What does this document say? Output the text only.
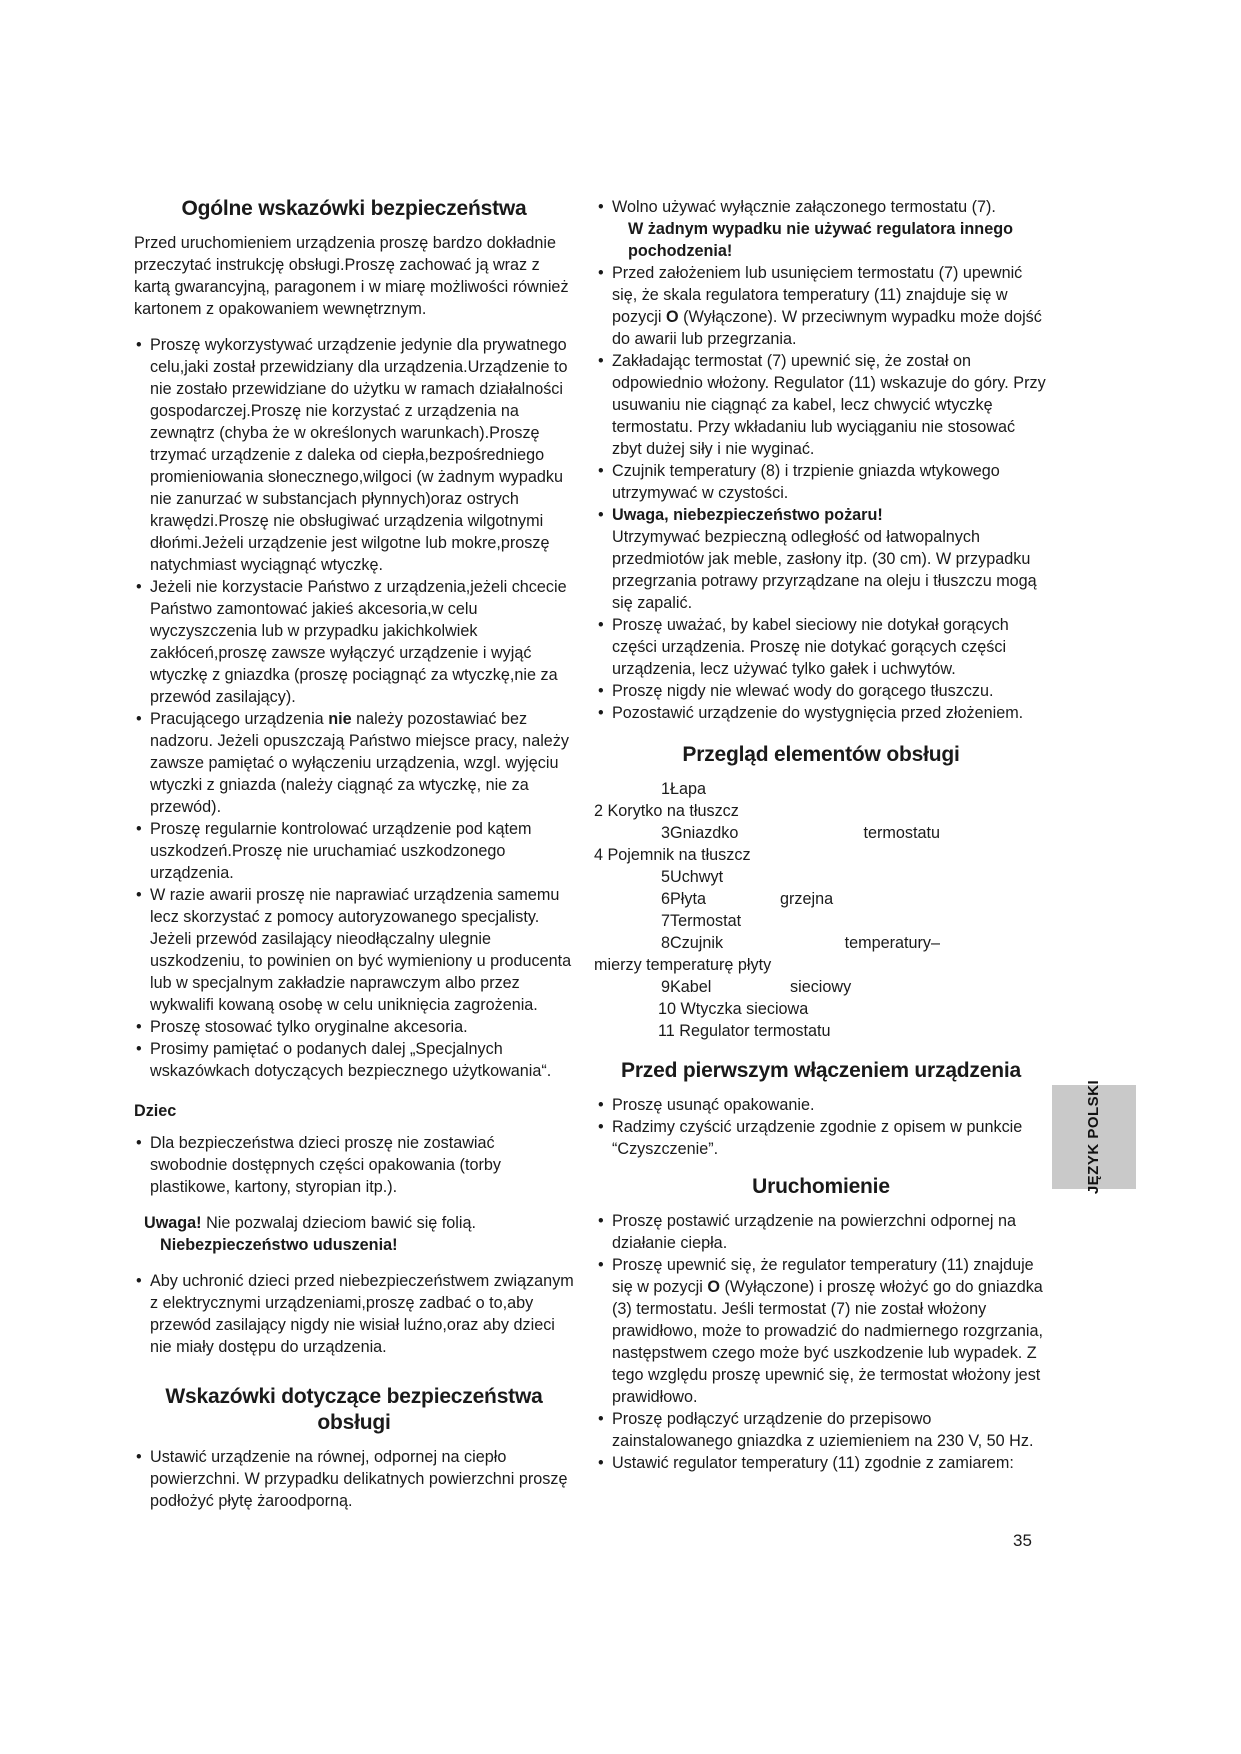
Ogólne wskazówki bezpieczeństwa

Przed uruchomieniem urządzenia proszę bardzo dokładnie przeczytać instrukcję obsługi.Proszę zachować ją wraz z kartą gwarancyjną, paragonem i w miarę możliwości również kartonem z opakowaniem wewnętrznym.

• Proszę wykorzystywać urządzenie jedynie dla prywatnego celu,jaki został przewidziany dla urządzenia.Urządzenie to nie zostało przewidziane do użytku w ramach działalności gospodarczej.Proszę nie korzystać z urządzenia na zewnątrz (chyba że w określonych warunkach).Proszę trzymać urządzenie z daleka od ciepła,bezpośredniego promieniowania słonecznego,wilgoci (w żadnym wypadku nie zanurzać w substancjach płynnych)oraz ostrych krawędzi.Proszę nie obsługiwać urządzenia wilgotnymi dłońmi.Jeżeli urządzenie jest wilgotne lub mokre,proszę natychmiast wyciągnąć wtyczkę.
• Jeżeli nie korzystacie Państwo z urządzenia,jeżeli chcecie Państwo zamontować jakieś akcesoria,w celu wyczyszczenia lub w przypadku jakichkolwiek zakłóceń,proszę zawsze wyłączyć urządzenie i wyjąć wtyczkę z gniazdka (proszę pociągnąć za wtyczkę,nie za przewód zasilający).
• Pracującego urządzenia nie należy pozostawiać bez nadzoru. Jeżeli opuszczają Państwo miejsce pracy, należy zawsze pamiętać o wyłączeniu urządzenia, wzgl. wyjęciu wtyczki z gniazda (należy ciągnąć za wtyczkę, nie za przewód).
• Proszę regularnie kontrolować urządzenie pod kątem uszkodzeń.Proszę nie uruchamiać uszkodzonego urządzenia.
• W razie awarii proszę nie naprawiać urządzenia samemu lecz skorzystać z pomocy autoryzowanego specjalisty. Jeżeli przewód zasilający nieodłączalny ulegnie uszkodzeniu, to powinien on być wymieniony u producenta lub w specjalnym zakładzie naprawczym albo przez wykwalifi kowaną osobę w celu uniknięcia zagrożenia.
• Proszę stosować tylko oryginalne akcesoria.
• Prosimy pamiętać o podanych dalej „Specjalnych wskazówkach dotyczących bezpiecznego użytkowania“.
Dziec
• Dla bezpieczeństwa dzieci proszę nie zostawiać swobodnie dostępnych części opakowania (torby plastikowe, kartony, styropian itp.).
Uwaga! Nie pozwalaj dzieciom bawić się folią.
Niebezpieczeństwo uduszenia!
• Aby uchronić dzieci przed niebezpieczeństwem związanym z elektrycznymi urządzeniami,proszę zadbać o to,aby przewód zasilający nigdy nie wisiał luźno,oraz aby dzieci nie miały dostępu do urządzenia.
Wskazówki dotyczące bezpieczeństwa obsługi
• Ustawić urządzenie na równej, odpornej na ciepło powierzchni. W przypadku delikatnych powierzchni proszę podłożyć płytę żaroodporną.
• Wolno używać wyłącznie załączonego termostatu (7).
W żadnym wypadku nie używać regulatora innego pochodzenia!
• Przed założeniem lub usunięciem termostatu (7) upewnić się, że skala regulatora temperatury (11) znajduje się w pozycji O (Wyłączone). W przeciwnym wypadku może dojść do awarii lub przegrzania.
• Zakładając termostat (7) upewnić się, że został on odpowiednio włożony. Regulator (11) wskazuje do góry. Przy usuwaniu nie ciągnąć za kabel, lecz chwycić wtyczkę termostatu. Przy wkładaniu lub wyciąganiu nie stosować zbyt dużej siły i nie wyginać.
• Czujnik temperatury (8) i trzpienie gniazda wtykowego utrzymywać w czystości.
• Uwaga, niebezpieczeństwo pożaru!
Utrzymywać bezpieczną odległość od łatwopalnych przedmiotów jak meble, zasłony itp. (30 cm). W przypadku przegrzania potrawy przyrządzane na oleju i tłuszczu mogą się zapalić.
• Proszę uważać, by kabel sieciowy nie dotykał gorących części urządzenia. Proszę nie dotykać gorących części urządzenia, lecz używać tylko gałek i uchwytów.
• Proszę nigdy nie wlewać wody do gorącego tłuszczu.
• Pozostawić urządzenie do wystygnięcia przed złożeniem.
Przegląd elementów obsługi
1	Łapa	
2 Korytko na tłuszcz		
3	Gniazdko	termostatu
4 Pojemnik na tłuszcz		
5	Uchwyt	
6	Płyta	grzejna
7	Termostat	
8	Czujnik	temperatury–
mierzy temperaturę płyty		
9	Kabel	sieciowy
10 Wtyczka sieciowa		
11 Regulator termostatu		
Przed pierwszym włączeniem urządzenia
• Proszę usunąć opakowanie.
• Radzimy czyścić urządzenie zgodnie z opisem w punkcie “Czyszczenie”.
Uruchomienie
• Proszę postawić urządzenie na powierzchni odpornej na działanie ciepła.
• Proszę upewnić się, że regulator temperatury (11) znajduje się w pozycji O (Wyłączone) i proszę włożyć go do gniazdka (3) termostatu. Jeśli termostat (7) nie został włożony prawidłowo, może to prowadzić do nadmiernego rozgrzania, następstwem czego może być uszkodzenie lub wypadek. Z tego względu proszę upewnić się, że termostat włożony jest prawidłowo.
• Proszę podłączyć urządzenie do przepisowo zainstalowanego gniazdka z uziemieniem na 230 V, 50 Hz.
• Ustawić regulator temperatury (11) zgodnie z zamiarem:
JĘZYK POLSKI
35
